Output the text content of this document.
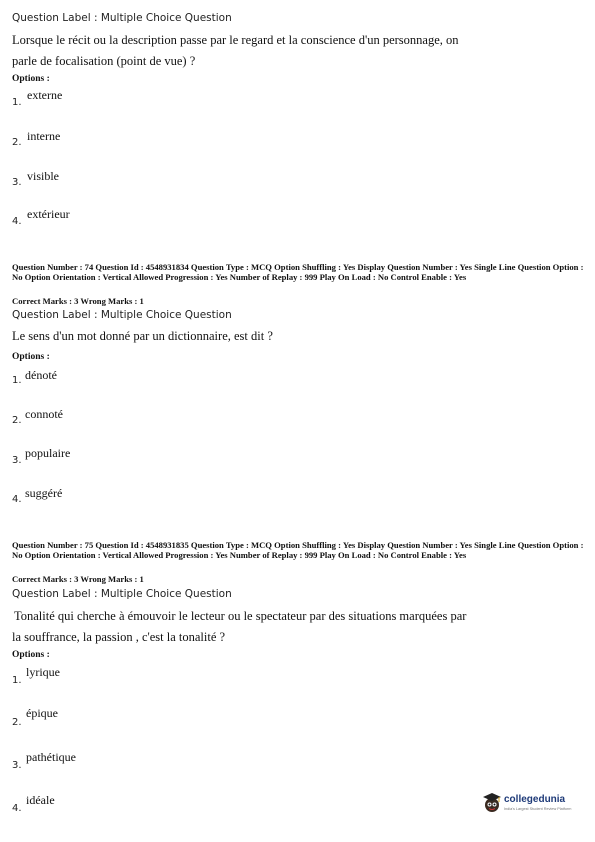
Question Label : Multiple Choice Question
Lorsque le récit ou la description passe par le regard et la conscience d'un personnage, on
parle de focalisation (point de vue) ?
Options :
1.
externe
2. interne
3. visible
4.
extérieur
Question Number : 74 Question Id : 4548931834 Question Type : MCQ Option Shuffling : Yes Display Question Number : Yes Single Line Question Option : No Option Orientation : Vertical Allowed Progression : Yes Number of Replay : 999 Play On Load : No Control Enable : Yes
Correct Marks : 3 Wrong Marks : 1
Question Label : Multiple Choice Question
Le sens d'un mot donné par un dictionnaire, est dit ?
Options :
1. dénoté
2. connoté
3.
populaire
4. suggéré
Question Number : 75 Question Id : 4548931835 Question Type : MCQ Option Shuffling : Yes Display Question Number : Yes Single Line Question Option : No Option Orientation : Vertical Allowed Progression : Yes Number of Replay : 999 Play On Load : No Control Enable : Yes
Correct Marks : 3 Wrong Marks : 1
Question Label : Multiple Choice Question
Tonalité qui cherche à émouvoir le lecteur ou le spectateur par des situations marquées par
la souffrance, la passion , c'est la tonalité ?
Options :
1.
lyrique
2.
épique
3.
pathétique
4.
idéale	collegedunia
India's Largest Student Review Platform
